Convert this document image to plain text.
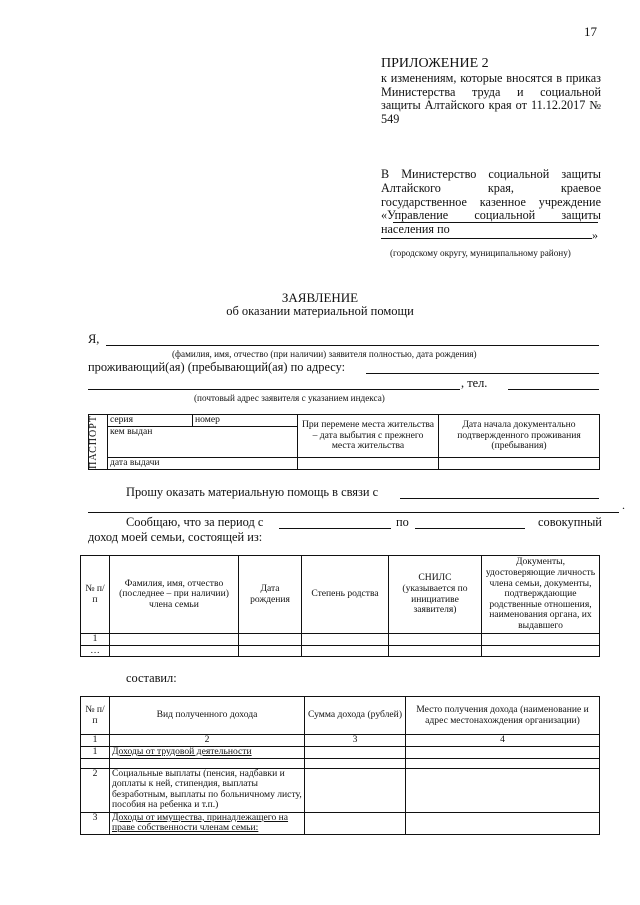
17
ПРИЛОЖЕНИЕ 2
к изменениям, которые вносятся в приказ Министерства труда и социальной защиты Алтайского края от 11.12.2017 № 549
В Министерство социальной защиты Алтайского края, краевое государственное казенное учреждение «Управление социальной защиты населения по	»
(городскому округу, муниципальному району)
ЗАЯВЛЕНИЕ
об оказании материальной помощи
Я,
(фамилия, имя, отчество (при наличии) заявителя полностью, дата рождения)
проживающий(ая) (пребывающий(ая) по адресу:
, тел.
(почтовый адрес заявителя с указанием индекса)
ПАСПОРТ	серия	номер	При перемене места жительства – дата выбытия с прежнего места жительства	Дата начала документально подтвержденного проживания (пребывания)
	кем выдан			
	дата выдачи			
Прошу оказать материальную помощь в связи с
.
Сообщаю, что за период с	по	совокупный
доход моей семьи, состоящей из:
№ п/п	Фамилия, имя, отчество (последнее – при наличии) члена семьи	Дата рождения	Степень родства	СНИЛС (указывается по инициативе заявителя)	Документы, удостоверяющие личность члена семьи, документы, подтверждающие родственные отношения, наименования органа, их выдавшего
1					
…					
составил:
№ п/п	Вид полученного дохода	Сумма дохода (рублей)	Место получения дохода (наименование и адрес местонахождения организации)
1	2	3	4
1	Доходы от трудовой деятельности		

2	Социальные выплаты (пенсия, надбавки и доплаты к ней, стипендия, выплаты безработным, выплаты по больничному листу, пособия на ребенка и т.п.)		
3	Доходы от имущества, принадлежащего на праве собственности членам семьи:		
